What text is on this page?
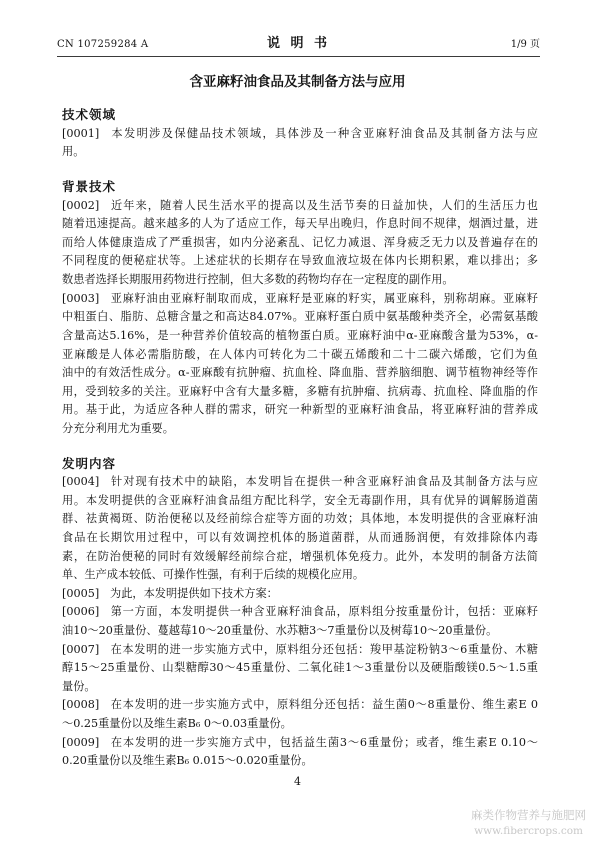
CN 107259284 A	说 明 书	1/9 页
含亚麻籽油食品及其制备方法与应用
技术领域
[0001] 本发明涉及保健品技术领域，具体涉及一种含亚麻籽油食品及其制备方法与应
用。
背景技术
[0002] 近年来，随着人民生活水平的提高以及生活节奏的日益加快，人们的生活压力也
随着迅速提高。越来越多的人为了适应工作，每天早出晚归，作息时间不规律，烟酒过量，进
而给人体健康造成了严重损害，如内分泌紊乱、记忆力减退、浑身疲乏无力以及普遍存在的
不同程度的便秘症状等。上述症状的长期存在导致血液垃圾在体内长期积累，难以排出；多
数患者选择长期服用药物进行控制，但大多数的药物均存在一定程度的副作用。
[0003] 亚麻籽油由亚麻籽制取而成，亚麻籽是亚麻的籽实，属亚麻科，别称胡麻。亚麻籽
中粗蛋白、脂肪、总糖含量之和高达84.07%。亚麻籽蛋白质中氨基酸种类齐全，必需氨基酸
含量高达5.16%，是一种营养价值较高的植物蛋白质。亚麻籽油中α-亚麻酸含量为53%，α-
亚麻酸是人体必需脂肪酸，在人体内可转化为二十碳五烯酸和二十二碳六烯酸，它们为鱼
油中的有效活性成分。α-亚麻酸有抗肿瘤、抗血栓、降血脂、营养脑细胞、调节植物神经等作
用，受到较多的关注。亚麻籽中含有大量多糖，多糖有抗肿瘤、抗病毒、抗血栓、降血脂的作
用。基于此，为适应各种人群的需求，研究一种新型的亚麻籽油食品，将亚麻籽油的营养成
分充分利用尤为重要。
发明内容
[0004] 针对现有技术中的缺陷，本发明旨在提供一种含亚麻籽油食品及其制备方法与应
用。本发明提供的含亚麻籽油食品组方配比科学，安全无毒副作用，具有优异的调解肠道菌
群、祛黄褐斑、防治便秘以及经前综合症等方面的功效；具体地，本发明提供的含亚麻籽油
食品在长期饮用过程中，可以有效调控机体的肠道菌群，从而通肠润便，有效排除体内毒
素，在防治便秘的同时有效缓解经前综合症，增强机体免疫力。此外，本发明的制备方法简
单、生产成本较低、可操作性强，有利于后续的规模化应用。
[0005] 为此，本发明提供如下技术方案：
[0006] 第一方面，本发明提供一种含亚麻籽油食品，原料组分按重量份计，包括：亚麻籽
油10～20重量份、蔓越莓10～20重量份、水苏糖3～7重量份以及树莓10～20重量份。
[0007] 在本发明的进一步实施方式中，原料组分还包括：羧甲基淀粉钠3～6重量份、木糖
醇15～25重量份、山梨糖醇30～45重量份、二氧化硅1～3重量份以及硬脂酸镁0.5～1.5重
量份。
[0008] 在本发明的进一步实施方式中，原料组分还包括：益生菌0～8重量份、维生素E 0
～0.25重量份以及维生素B₆ 0～0.03重量份。
[0009] 在本发明的进一步实施方式中，包括益生菌3～6重量份；或者，维生素E 0.10～
0.20重量份以及维生素B₆ 0.015～0.020重量份。
4
麻类作物营养与施肥网
www.fibercrops.com
